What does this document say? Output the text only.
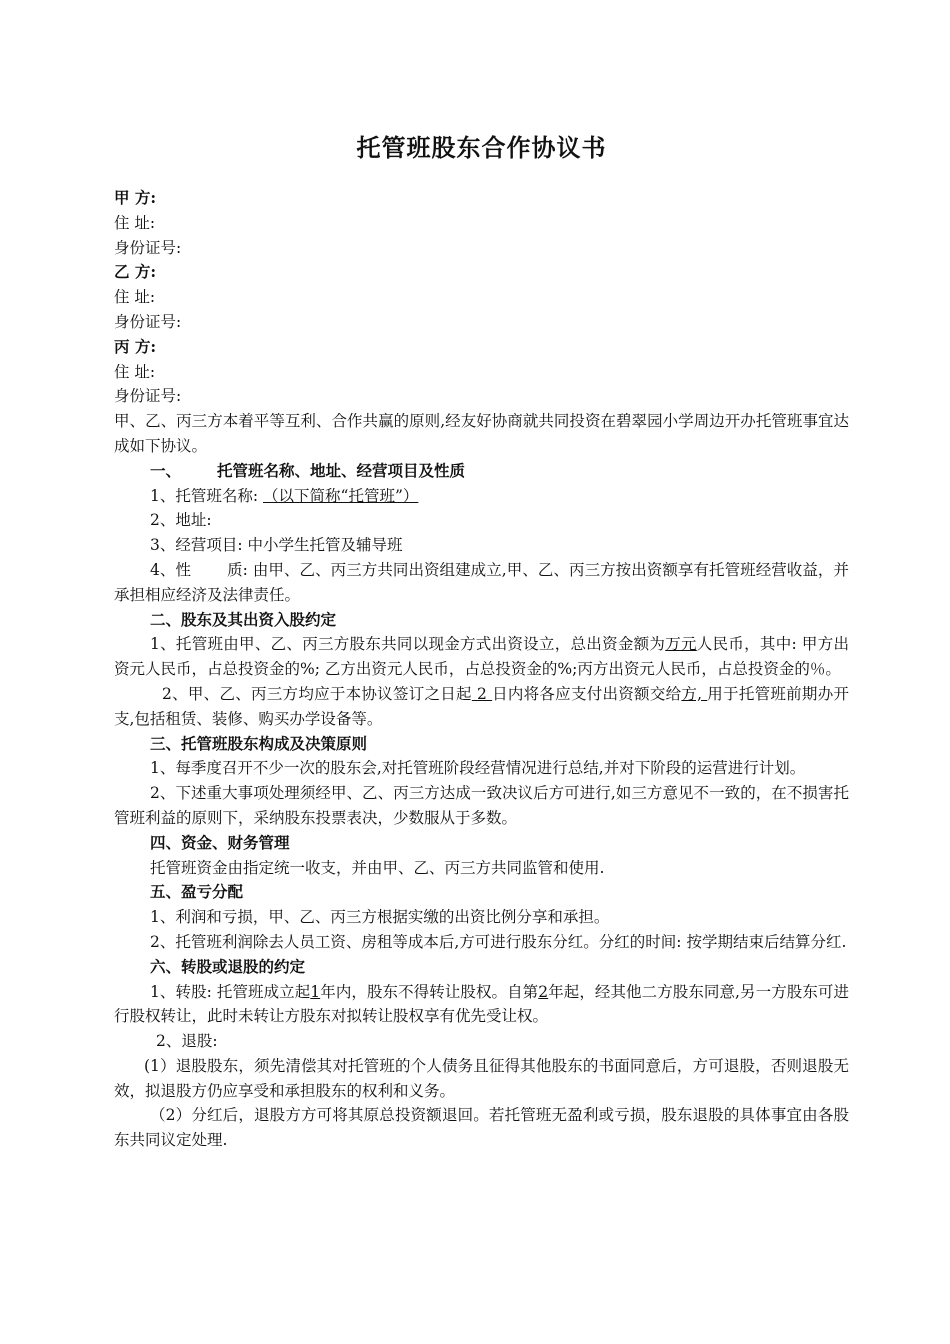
托管班股东合作协议书
甲 方:
住 址:
身份证号:
乙 方:
住 址:
身份证号:
丙 方:
住 址:
身份证号:
甲、乙、丙三方本着平等互利、合作共赢的原则,经友好协商就共同投资在碧翠园小学周边开办托管班事宜达成如下协议。
一、 托管班名称、地址、经营项目及性质
1、托管班名称: （以下简称“托管班”）
2、地址:
3、经营项目: 中小学生托管及辅导班
4、性 质: 由甲、乙、丙三方共同出资组建成立,甲、乙、丙三方按出资额享有托管班经营收益，并承担相应经济及法律责任。
二、股东及其出资入股约定
1、托管班由甲、乙、丙三方股东共同以现金方式出资设立，总出资金额为万元人民币，其中: 甲方出资元人民币，占总投资金的%; 乙方出资元人民币，占总投资金的%;丙方出资元人民币，占总投资金的％。
2、甲、乙、丙三方均应于本协议签订之日起 2 日内将各应支付出资额交给方, 用于托管班前期办开支,包括租赁、装修、购买办学设备等。
三、托管班股东构成及决策原则
1、每季度召开不少一次的股东会,对托管班阶段经营情况进行总结,并对下阶段的运营进行计划。
2、下述重大事项处理须经甲、乙、丙三方达成一致决议后方可进行,如三方意见不一致的，在不损害托管班利益的原则下，采纳股东投票表决，少数服从于多数。
四、资金、财务管理
托管班资金由指定统一收支，并由甲、乙、丙三方共同监管和使用.
五、盈亏分配
1、利润和亏损，甲、乙、丙三方根据实缴的出资比例分享和承担。
2、托管班利润除去人员工资、房租等成本后,方可进行股东分红。分红的时间: 按学期结束后结算分红.
六、转股或退股的约定
1、转股: 托管班成立起1年内，股东不得转让股权。自第2年起，经其他二方股东同意,另一方股东可进行股权转让，此时未转让方股东对拟转让股权享有优先受让权。
2、退股:
(1）退股股东，须先清偿其对托管班的个人债务且征得其他股东的书面同意后，方可退股，否则退股无效，拟退股方仍应享受和承担股东的权利和义务。
（2）分红后，退股方方可将其原总投资额退回。若托管班无盈利或亏损，股东退股的具体事宜由各股东共同议定处理.
